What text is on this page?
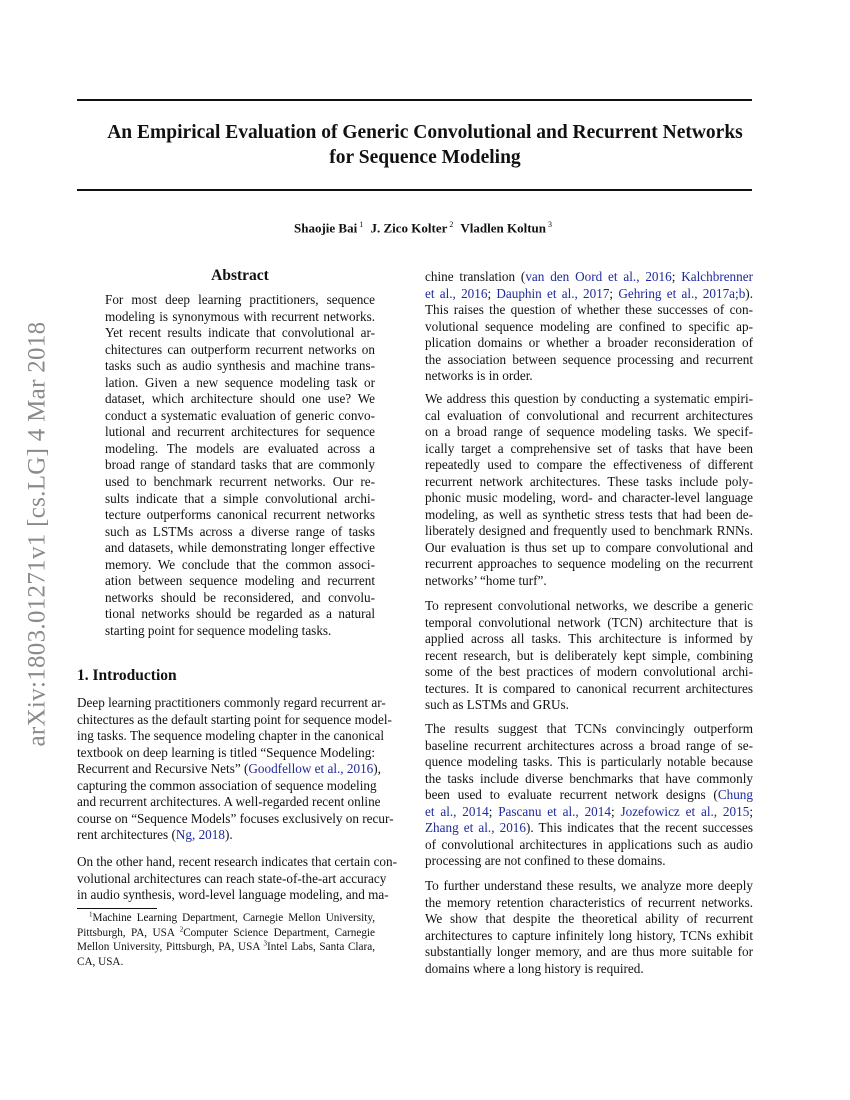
An Empirical Evaluation of Generic Convolutional and Recurrent Networks
for Sequence Modeling
Shaojie Bai $^1$ J. Zico Kolter $^2$ Vladlen Koltun $^3$
arXiv:1803.01271v1 [cs.LG] 4 Mar 2018
Abstract
For most deep learning practitioners, sequence
modeling is synonymous with recurrent networks.
Yet recent results indicate that convolutional ar-
chitectures can outperform recurrent networks on
tasks such as audio synthesis and machine trans-
lation. Given a new sequence modeling task or
dataset, which architecture should one use? We
conduct a systematic evaluation of generic convo-
lutional and recurrent architectures for sequence
modeling. The models are evaluated across a
broad range of standard tasks that are commonly
used to benchmark recurrent networks. Our re-
sults indicate that a simple convolutional archi-
tecture outperforms canonical recurrent networks
such as LSTMs across a diverse range of tasks
and datasets, while demonstrating longer effective
memory. We conclude that the common associ-
ation between sequence modeling and recurrent
networks should be reconsidered, and convolu-
tional networks should be regarded as a natural
starting point for sequence modeling tasks.
1. Introduction
Deep learning practitioners commonly regard recurrent ar-
chitectures as the default starting point for sequence model-
ing tasks. The sequence modeling chapter in the canonical
textbook on deep learning is titled “Sequence Modeling:
Recurrent and Recursive Nets” (Goodfellow et al., 2016),
capturing the common association of sequence modeling
and recurrent architectures. A well-regarded recent online
course on “Sequence Models” focuses exclusively on recur-
rent architectures (Ng, 2018).
On the other hand, recent research indicates that certain con-
volutional architectures can reach state-of-the-art accuracy
in audio synthesis, word-level language modeling, and ma-
chine translation (van den Oord et al., 2016; Kalchbrenner
et al., 2016; Dauphin et al., 2017; Gehring et al., 2017a;b).
This raises the question of whether these successes of con-
volutional sequence modeling are confined to specific ap-
plication domains or whether a broader reconsideration of
the association between sequence processing and recurrent
networks is in order.
We address this question by conducting a systematic empiri-
cal evaluation of convolutional and recurrent architectures
on a broad range of sequence modeling tasks. We specif-
ically target a comprehensive set of tasks that have been
repeatedly used to compare the effectiveness of different
recurrent network architectures. These tasks include poly-
phonic music modeling, word- and character-level language
modeling, as well as synthetic stress tests that had been de-
liberately designed and frequently used to benchmark RNNs.
Our evaluation is thus set up to compare convolutional and
recurrent approaches to sequence modeling on the recurrent
networks’ “home turf”.
To represent convolutional networks, we describe a generic
temporal convolutional network (TCN) architecture that is
applied across all tasks. This architecture is informed by
recent research, but is deliberately kept simple, combining
some of the best practices of modern convolutional archi-
tectures. It is compared to canonical recurrent architectures
such as LSTMs and GRUs.
The results suggest that TCNs convincingly outperform
baseline recurrent architectures across a broad range of se-
quence modeling tasks. This is particularly notable because
the tasks include diverse benchmarks that have commonly
been used to evaluate recurrent network designs (Chung
et al., 2014; Pascanu et al., 2014; Jozefowicz et al., 2015;
Zhang et al., 2016). This indicates that the recent successes
of convolutional architectures in applications such as audio
processing are not confined to these domains.
To further understand these results, we analyze more deeply
the memory retention characteristics of recurrent networks.
We show that despite the theoretical ability of recurrent
architectures to capture infinitely long history, TCNs exhibit
substantially longer memory, and are thus more suitable for
domains where a long history is required.
$^1$Machine Learning Department, Carnegie Mellon University,
Pittsburgh, PA, USA $^2$Computer Science Department, Carnegie
Mellon University, Pittsburgh, PA, USA $^3$Intel Labs, Santa Clara,
CA, USA.
